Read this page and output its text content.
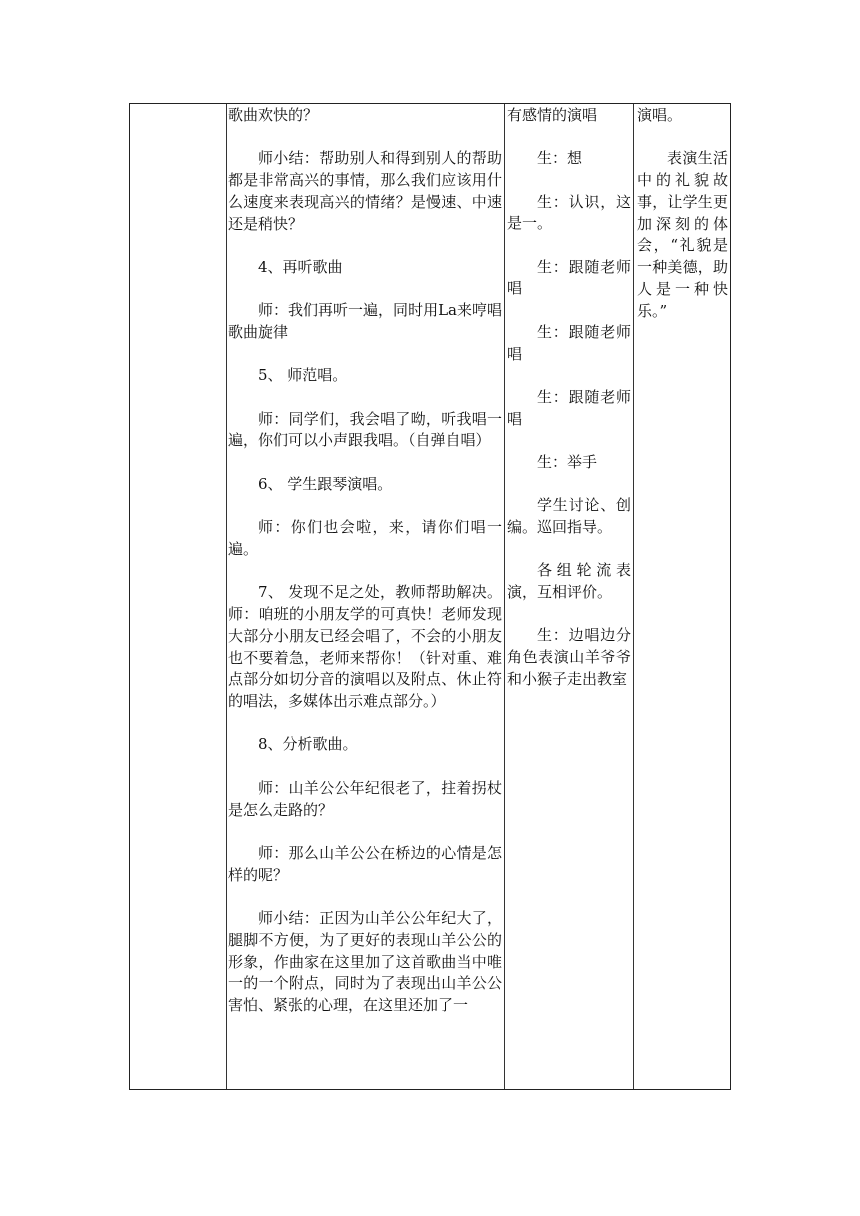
歌曲欢快的？

师小结：帮助别人和得到别人的帮助都是非常高兴的事情，那么我们应该用什么速度来表现高兴的情绪？是慢速、中速还是稍快？

4、再听歌曲

师：我们再听一遍，同时用La来哼唱歌曲旋律

5、 师范唱。

师：同学们，我会唱了呦，听我唱一遍，你们可以小声跟我唱。（自弹自唱）

6、 学生跟琴演唱。

师：你们也会啦，来，请你们唱一遍。

7、 发现不足之处，教师帮助解决。师：咱班的小朋友学的可真快！老师发现大部分小朋友已经会唱了，不会的小朋友也不要着急，老师来帮你！（针对重、难点部分如切分音的演唱以及附点、休止符的唱法，多媒体出示难点部分。）

8、分析歌曲。

师：山羊公公年纪很老了，拄着拐杖是怎么走路的？

师：那么山羊公公在桥边的心情是怎样的呢？

师小结：正因为山羊公公年纪大了，腿脚不方便，为了更好的表现山羊公公的形象，作曲家在这里加了这首歌曲当中唯一的一个附点，同时为了表现出山羊公公害怕、紧张的心理，在这里还加了一

有感情的演唱

生：想

生：认识，这是一。

生：跟随老师唱

生：跟随老师唱

生：跟随老师唱

生：举手

学生讨论、创编。巡回指导。

各组轮流表演，互相评价。

生：边唱边分角色表演山羊爷爷和小猴子走出教室

演唱。

表演生活中的礼貌故事，让学生更加深刻的体会，“礼貌是一种美德，助人是一种快乐。”
